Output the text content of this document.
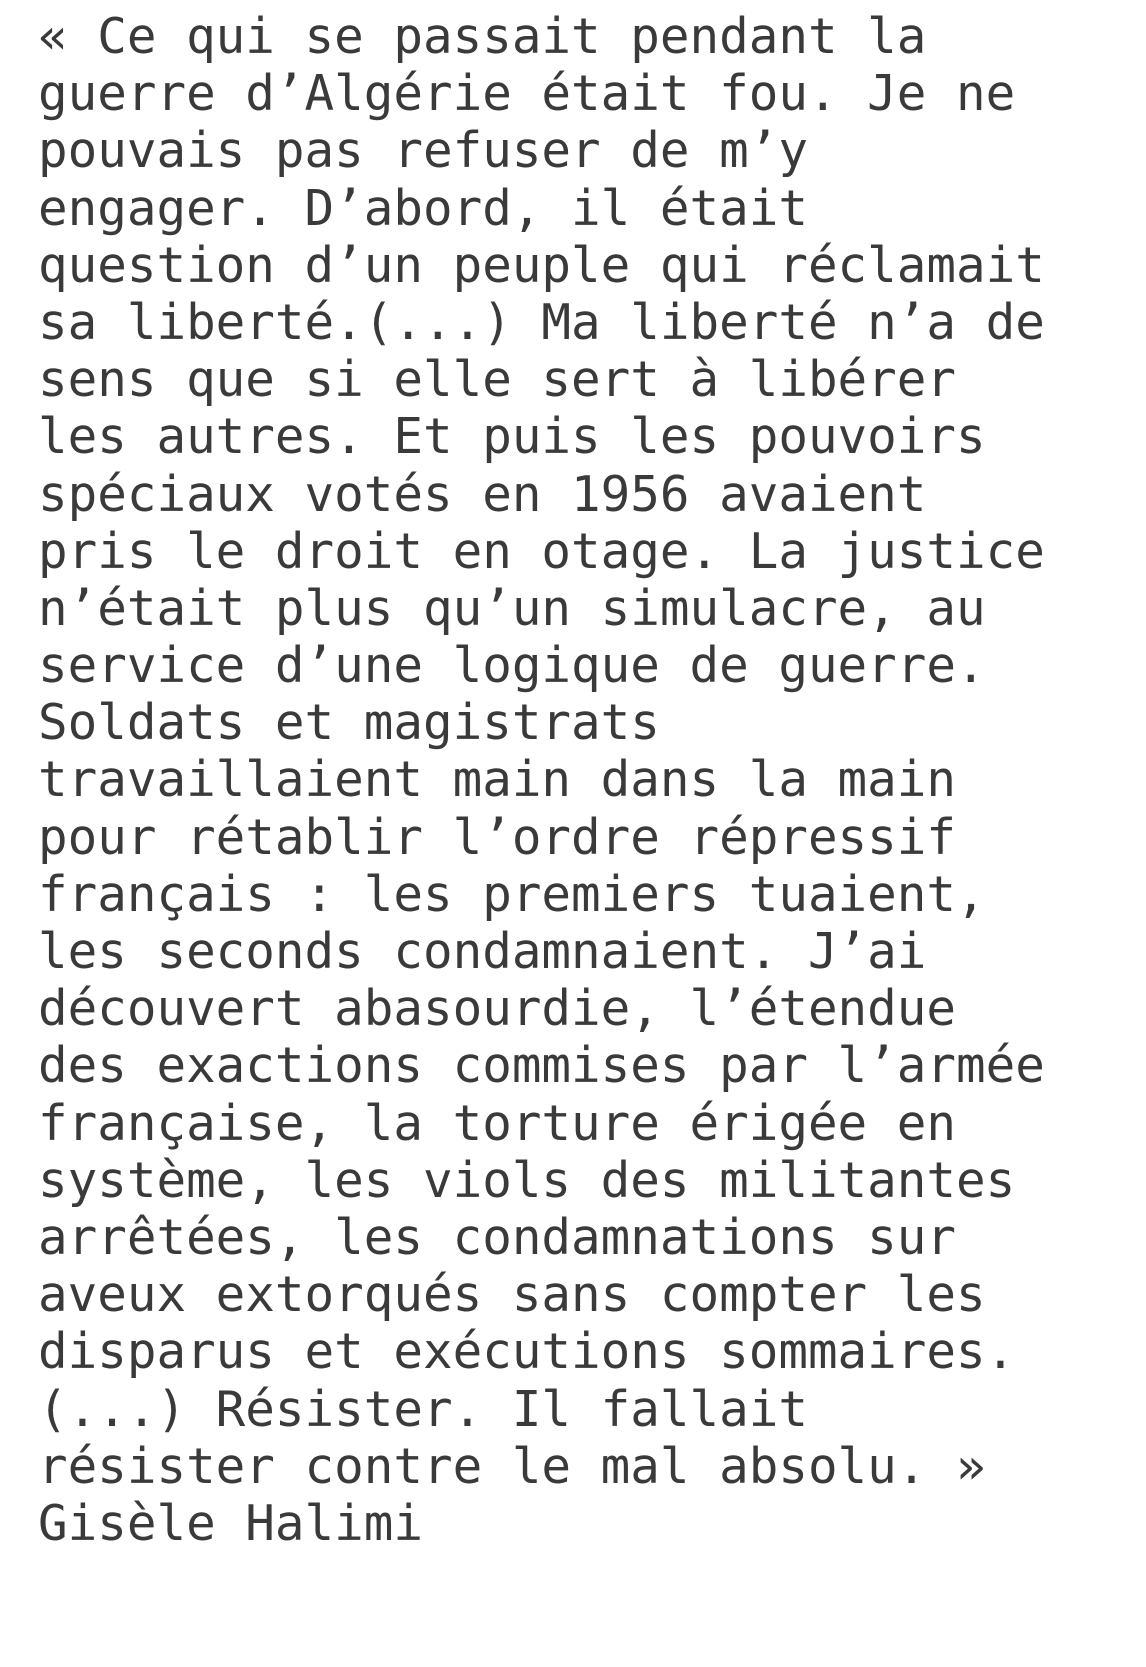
« Ce qui se passait pendant la
guerre d’Algérie était fou. Je ne
pouvais pas refuser de m’y
engager. D’abord, il était
question d’un peuple qui réclamait
sa liberté.(...) Ma liberté n’a de
sens que si elle sert à libérer
les autres. Et puis les pouvoirs
spéciaux votés en 1956 avaient
pris le droit en otage. La justice
n’était plus qu’un simulacre, au
service d’une logique de guerre.
Soldats et magistrats
travaillaient main dans la main
pour rétablir l’ordre répressif
français : les premiers tuaient,
les seconds condamnaient. J’ai
découvert abasourdie, l’étendue
des exactions commises par l’armée
française, la torture érigée en
système, les viols des militantes
arrêtées, les condamnations sur
aveux extorqués sans compter les
disparus et exécutions sommaires.
(...) Résister. Il fallait
résister contre le mal absolu. »
Gisèle Halimi
